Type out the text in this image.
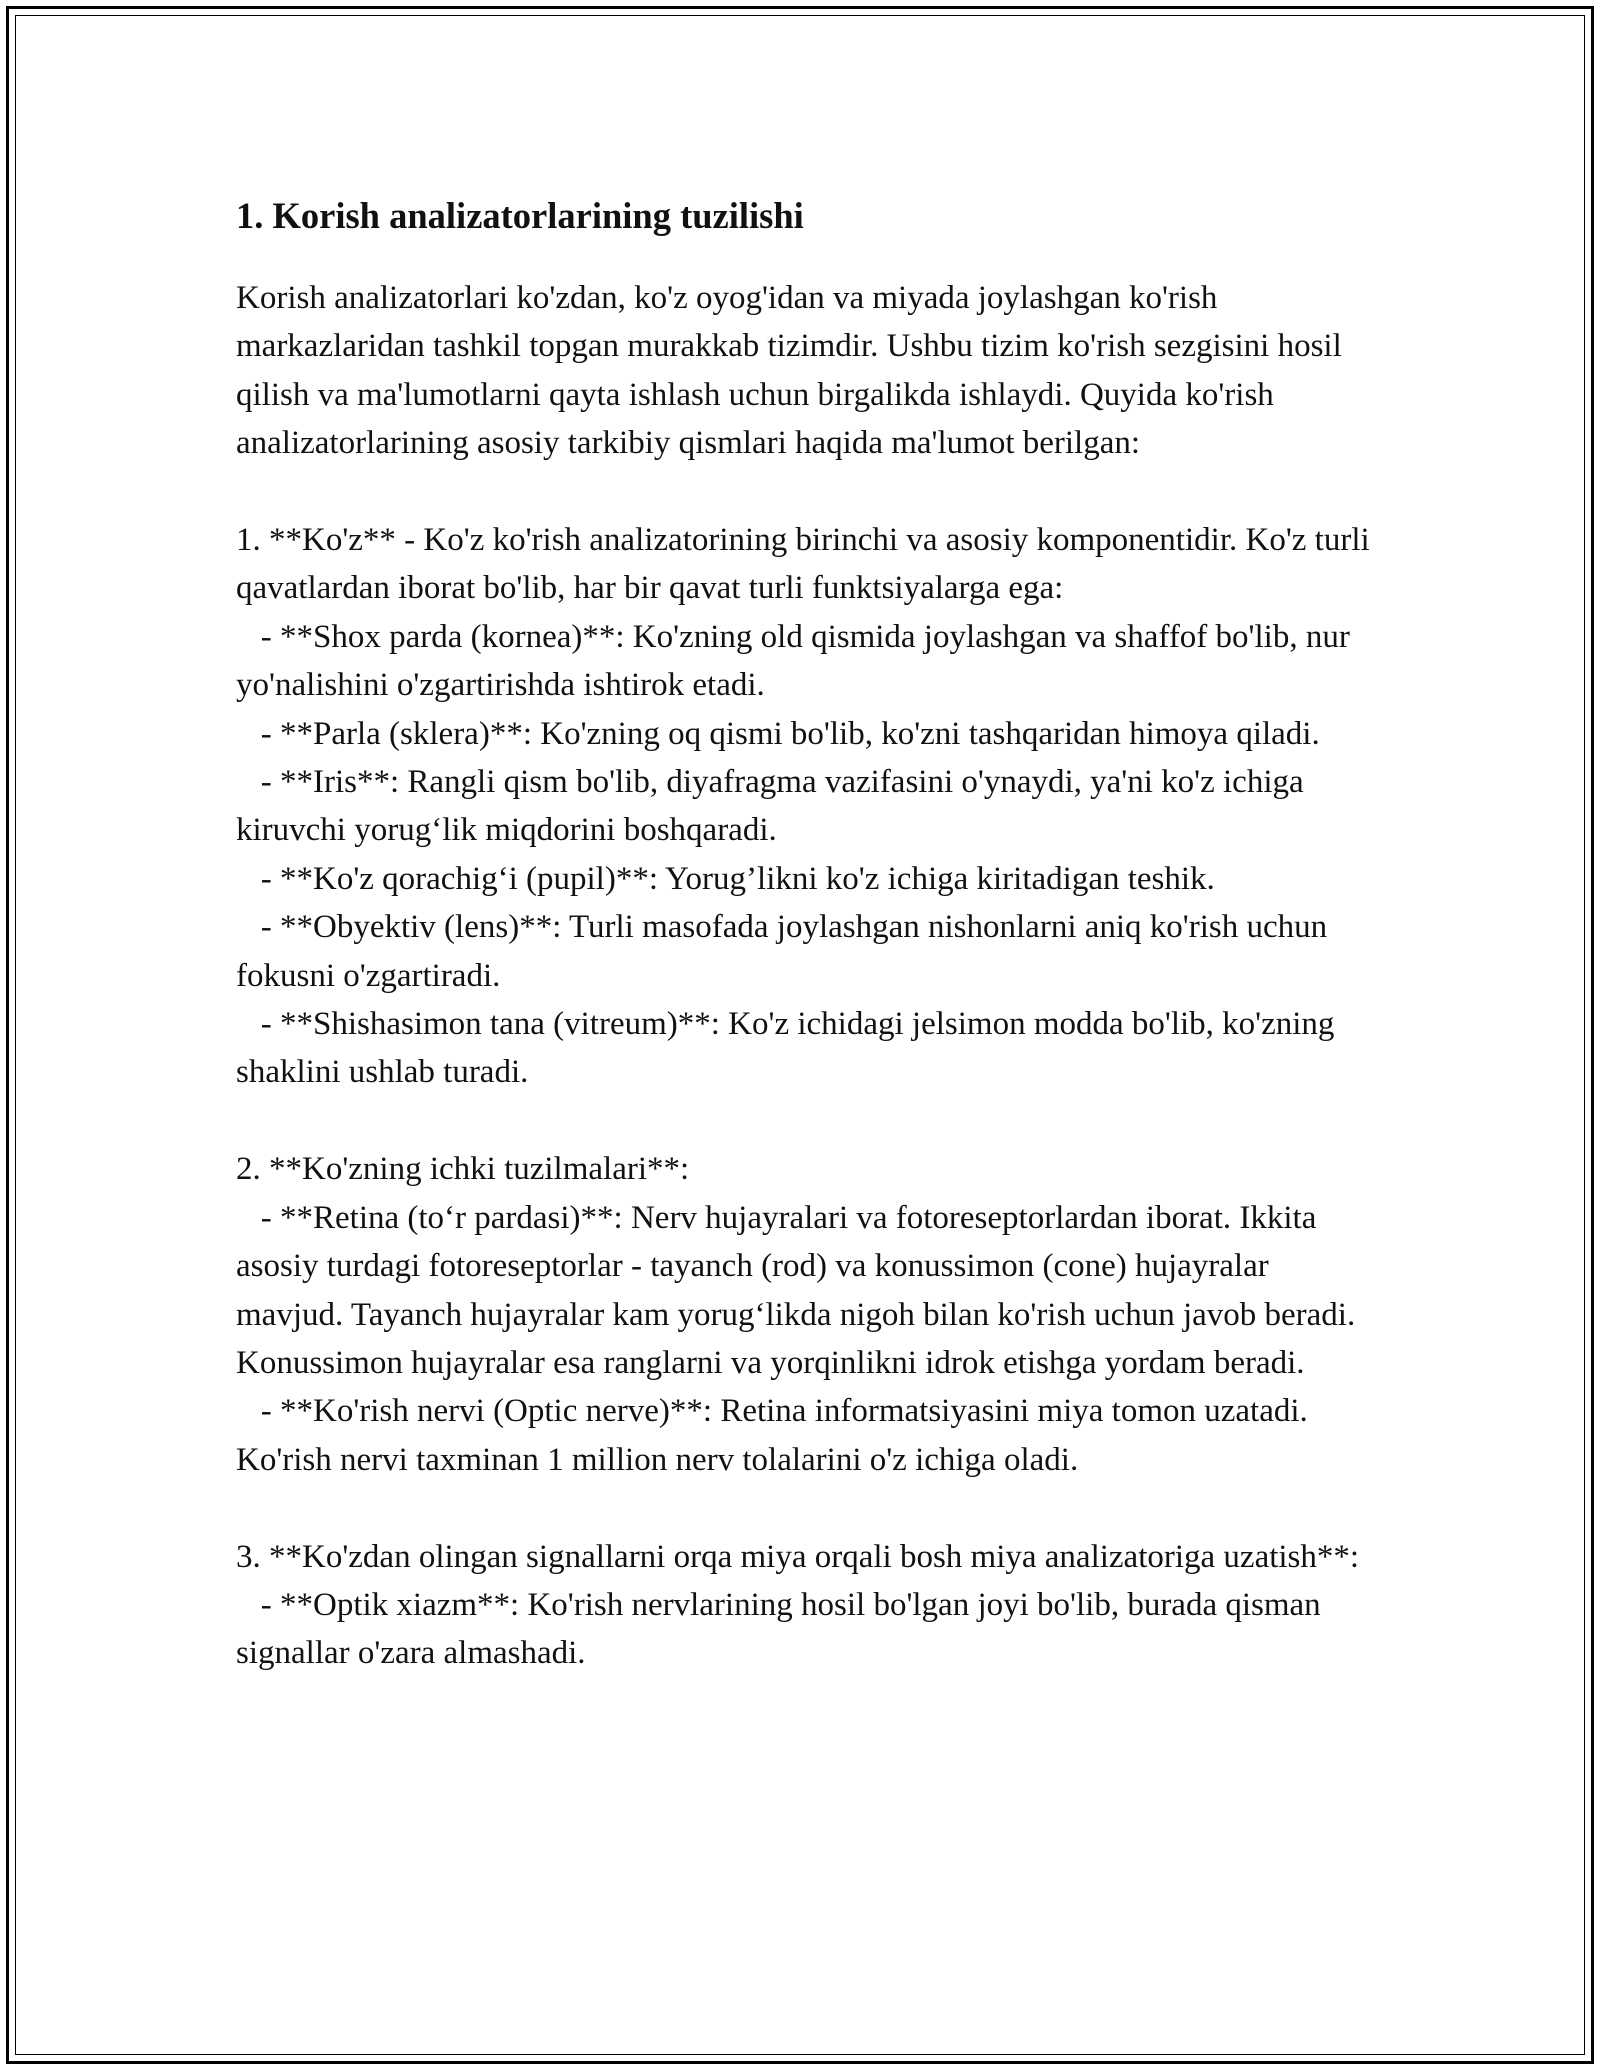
1. Korish analizatorlarining tuzilishi

Korish analizatorlari ko'zdan, ko'z oyog'idan va miyada joylashgan ko'rish markazlaridan tashkil topgan murakkab tizimdir. Ushbu tizim ko'rish sezgisini hosil qilish va ma'lumotlarni qayta ishlash uchun birgalikda ishlaydi. Quyida ko'rish analizatorlarining asosiy tarkibiy qismlari haqida ma'lumot berilgan:

1. **Ko'z** - Ko'z ko'rish analizatorining birinchi va asosiy komponentidir. Ko'z turli qavatlardan iborat bo'lib, har bir qavat turli funktsiyalarga ega:

- **Shox parda (kornea)**: Ko'zning old qismida joylashgan va shaffof bo'lib, nur yo'nalishini o'zgartirishda ishtirok etadi.

- **Parla (sklera)**: Ko'zning oq qismi bo'lib, ko'zni tashqaridan himoya qiladi.

- **Iris**: Rangli qism bo'lib, diyafragma vazifasini o'ynaydi, ya'ni ko'z ichiga kiruvchi yorug‘lik miqdorini boshqaradi.

- **Ko'z qorachig‘i (pupil)**: Yorug’likni ko'z ichiga kiritadigan teshik.

- **Obyektiv (lens)**: Turli masofada joylashgan nishonlarni aniq ko'rish uchun fokusni o'zgartiradi.

- **Shishasimon tana (vitreum)**: Ko'z ichidagi jelsimon modda bo'lib, ko'zning shaklini ushlab turadi.

2. **Ko'zning ichki tuzilmalari**:

- **Retina (to‘r pardasi)**: Nerv hujayralari va fotoreseptorlardan iborat. Ikkita asosiy turdagi fotoreseptorlar - tayanch (rod) va konussimon (cone) hujayralar mavjud. Tayanch hujayralar kam yorug‘likda nigoh bilan ko'rish uchun javob beradi. Konussimon hujayralar esa ranglarni va yorqinlikni idrok etishga yordam beradi.

- **Ko'rish nervi (Optic nerve)**: Retina informatsiyasini miya tomon uzatadi. Ko'rish nervi taxminan 1 million nerv tolalarini o'z ichiga oladi.

3. **Ko'zdan olingan signallarni orqa miya orqali bosh miya analizatoriga uzatish**:

- **Optik xiazm**: Ko'rish nervlarining hosil bo'lgan joyi bo'lib, burada qisman signallar o'zara almashadi.
